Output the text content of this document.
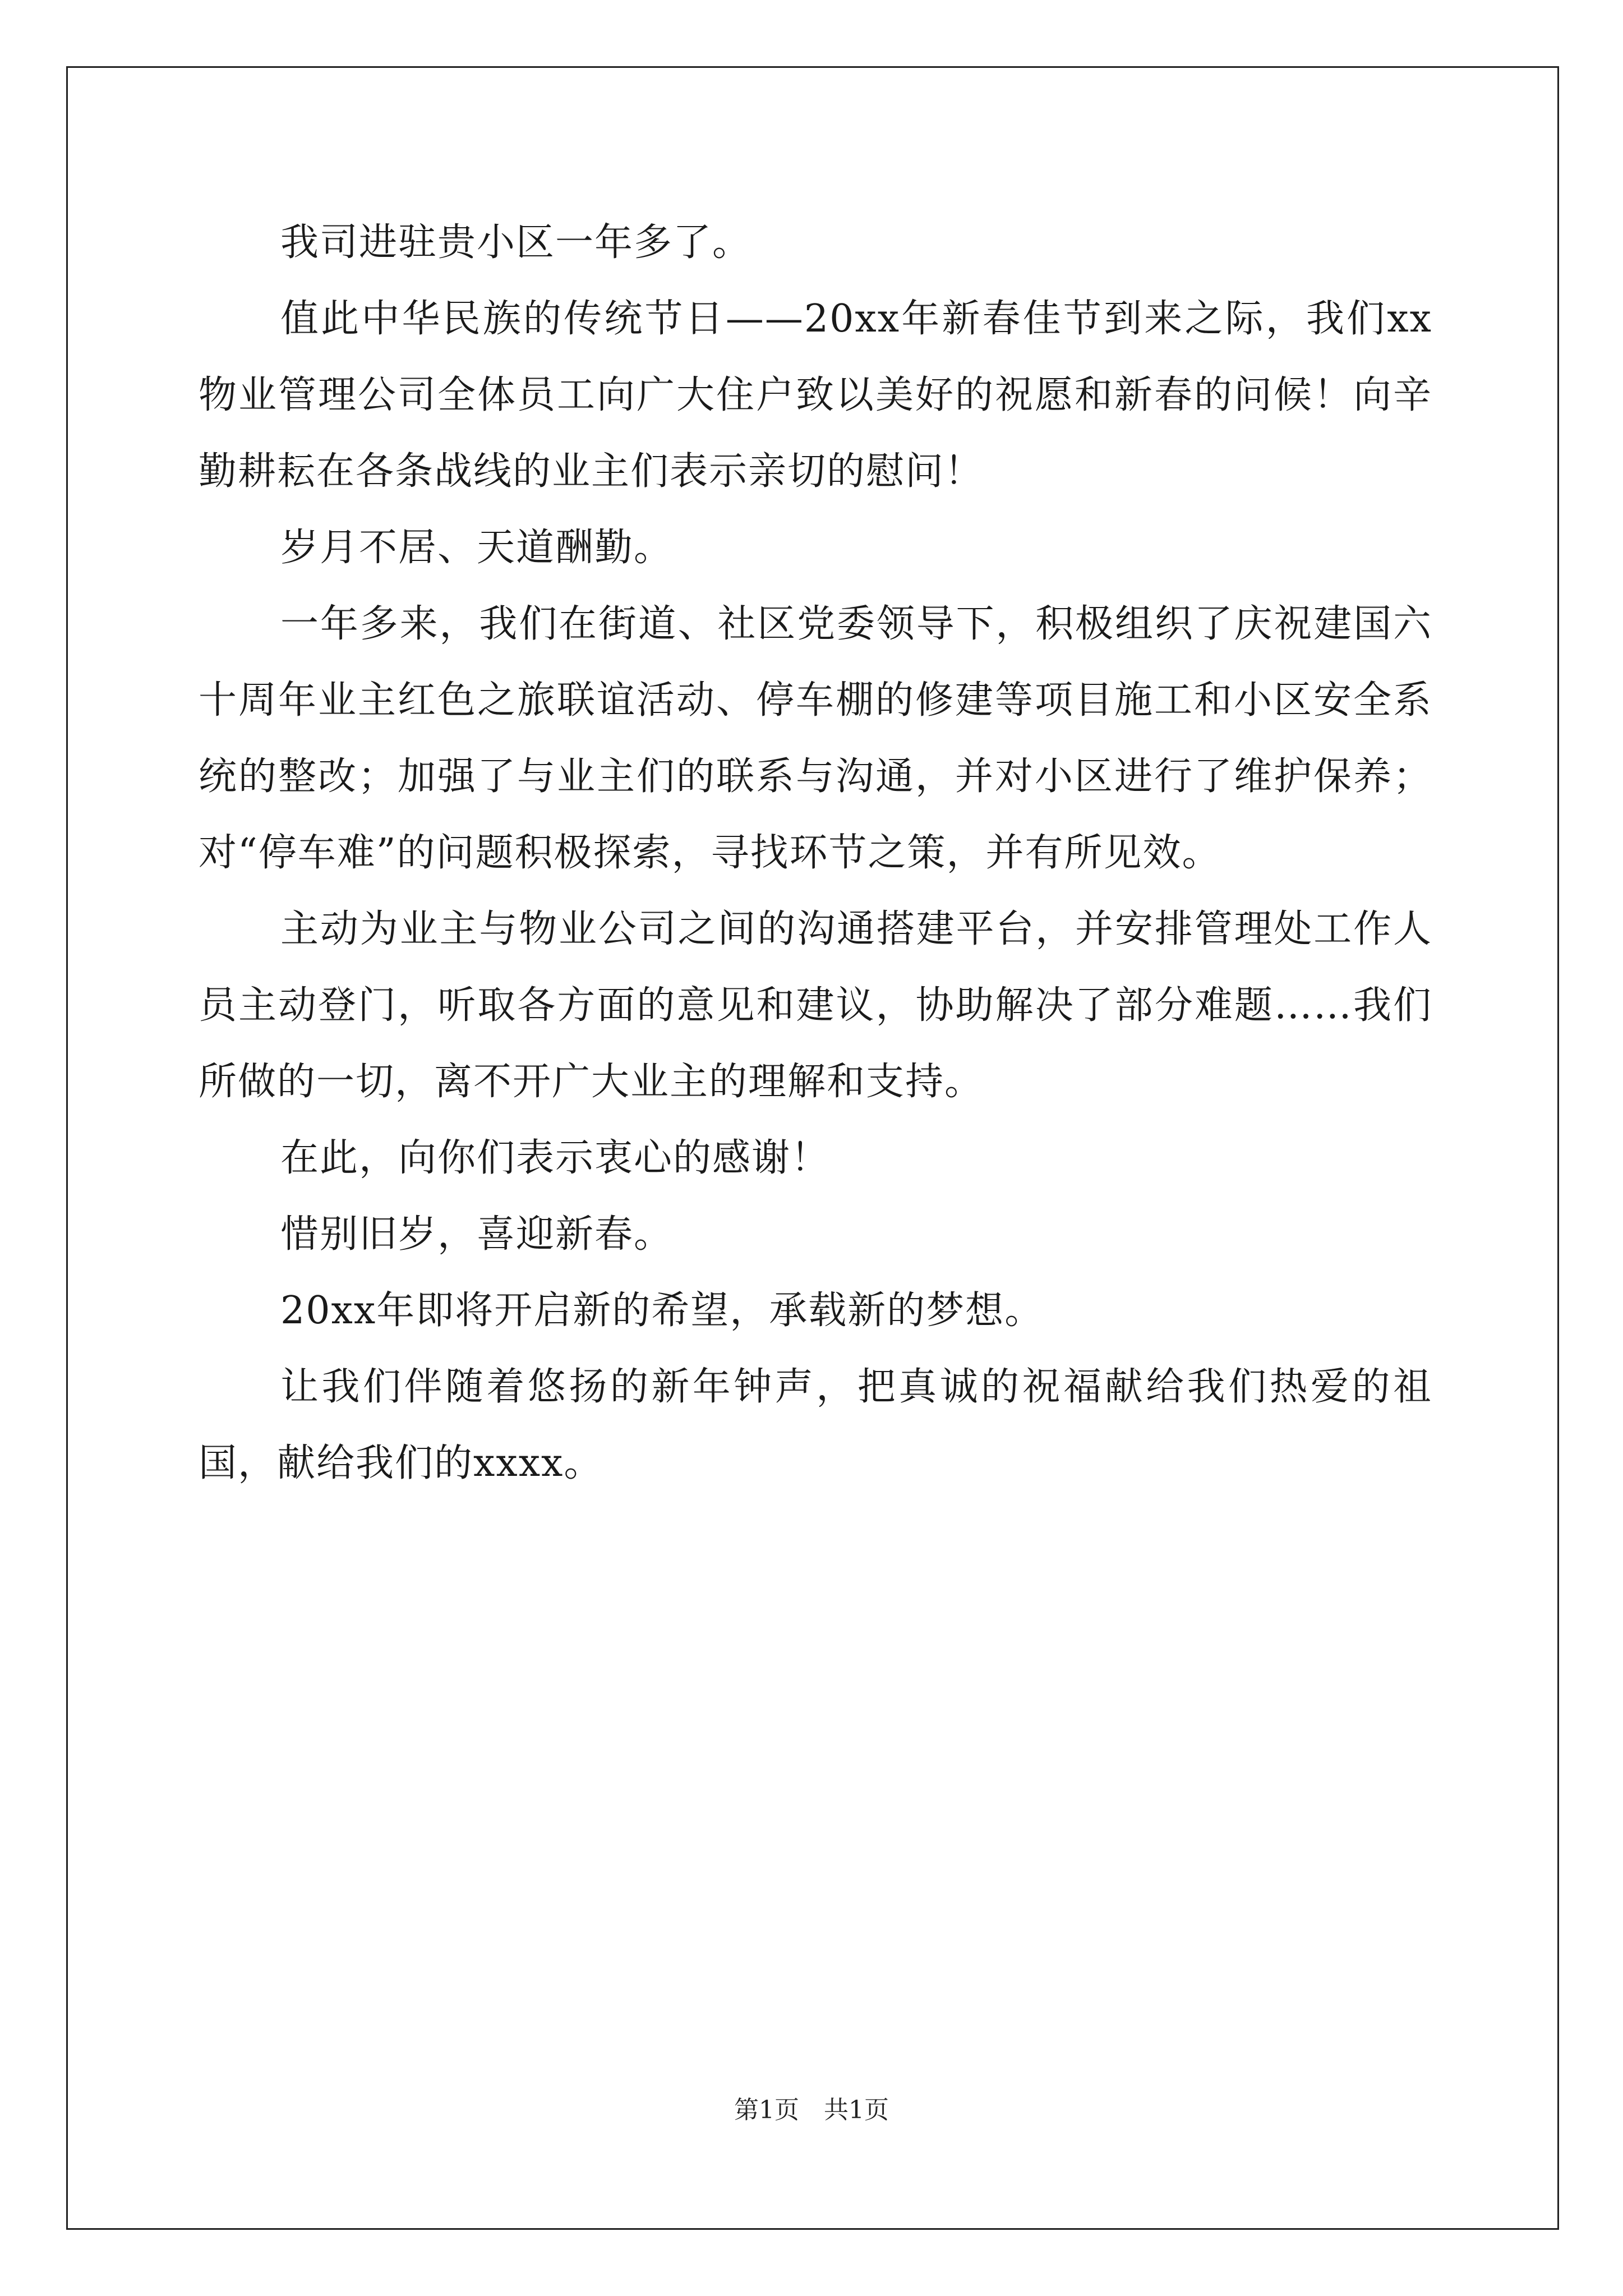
我司进驻贵小区一年多了。

值此中华民族的传统节日——20xx年新春佳节到来之际，我们xx物业管理公司全体员工向广大住户致以美好的祝愿和新春的问候！向辛勤耕耘在各条战线的业主们表示亲切的慰问！

岁月不居、天道酬勤。

一年多来，我们在街道、社区党委领导下，积极组织了庆祝建国六十周年业主红色之旅联谊活动、停车棚的修建等项目施工和小区安全系统的整改；加强了与业主们的联系与沟通，并对小区进行了维护保养；对“停车难”的问题积极探索，寻找环节之策，并有所见效。

主动为业主与物业公司之间的沟通搭建平台，并安排管理处工作人员主动登门，听取各方面的意见和建议，协助解决了部分难题……我们所做的一切，离不开广大业主的理解和支持。

在此，向你们表示衷心的感谢！

惜别旧岁，喜迎新春。

20xx年即将开启新的希望，承载新的梦想。

让我们伴随着悠扬的新年钟声，把真诚的祝福献给我们热爱的祖国，献给我们的xxxx。

第1页　共1页
